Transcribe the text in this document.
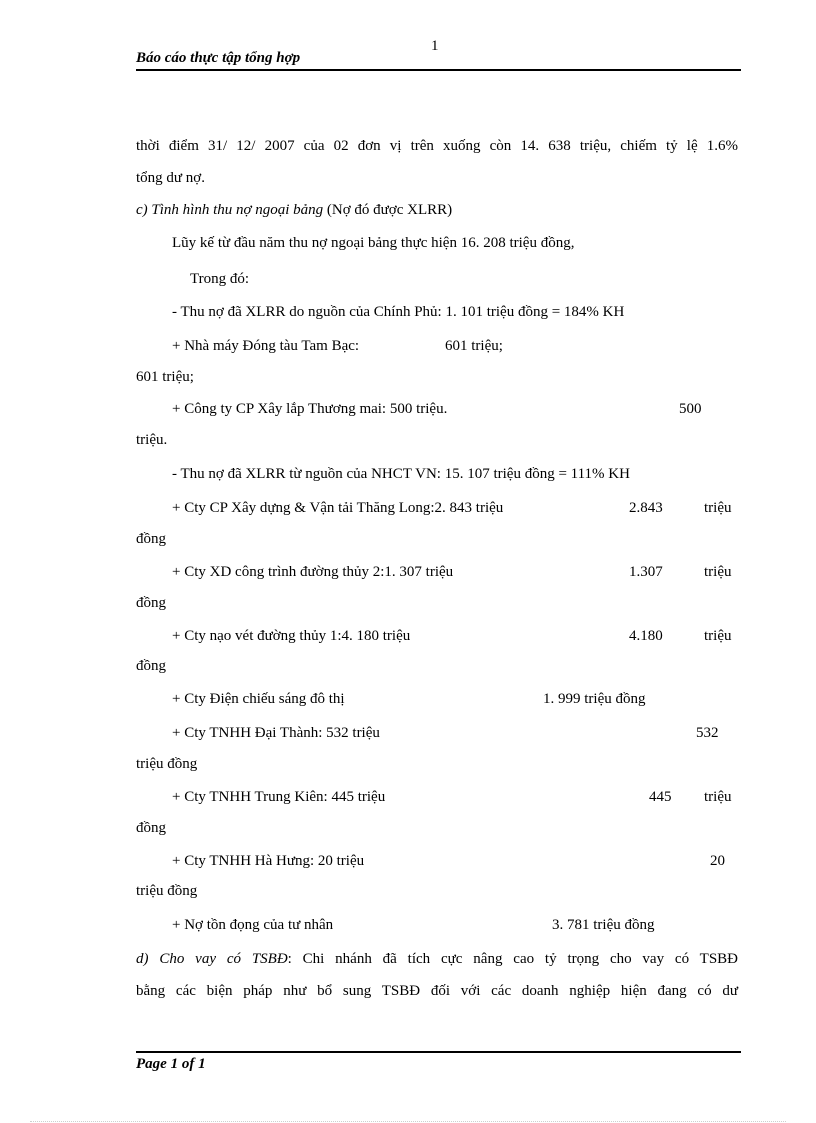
1
Báo cáo thực tập tổng hợp
thời điểm 31/ 12/ 2007 của 02 đơn vị trên xuống còn 14. 638 triệu, chiếm tỷ lệ 1.6%
tổng dư nợ.
c) Tình hình thu nợ ngoại bảng (Nợ đó được XLRR)
Lũy kế từ đầu năm thu nợ ngoại bảng thực hiện 16. 208 triệu đồng,
Trong đó:
- Thu nợ đã XLRR do nguồn của Chính Phủ: 1. 101 triệu đồng = 184% KH
+ Nhà máy Đóng tàu Tam Bạc:	601 triệu;
601 triệu;
+ Công ty CP Xây lắp Thương mai: 500 triệu.	500
triệu.
- Thu nợ đã XLRR từ nguồn của NHCT VN: 15. 107 triệu đồng = 111% KH
+ Cty CP Xây dựng & Vận tải Thăng Long:2. 843 triệu	2.843	triệu
đồng
+ Cty XD công trình đường thủy 2:1. 307 triệu	1.307	triệu
đồng
+ Cty nạo vét đường thủy 1:4. 180 triệu	4.180	triệu
đồng
+ Cty Điện chiếu sáng đô thị	1. 999 triệu đồng
+ Cty TNHH Đại Thành: 532 triệu	532
triệu đồng
+ Cty TNHH Trung Kiên: 445 triệu	445 triệu
đồng
+ Cty TNHH Hà Hưng: 20 triệu	20
triệu đồng
+ Nợ tồn đọng của tư nhân	3. 781 triệu đồng
d) Cho vay có TSBĐ: Chi nhánh đã tích cực nâng cao tỷ trọng cho vay có TSBĐ
bằng các biện pháp như bổ sung TSBĐ đối với các doanh nghiệp hiện đang có dư
Page 1 of 1
